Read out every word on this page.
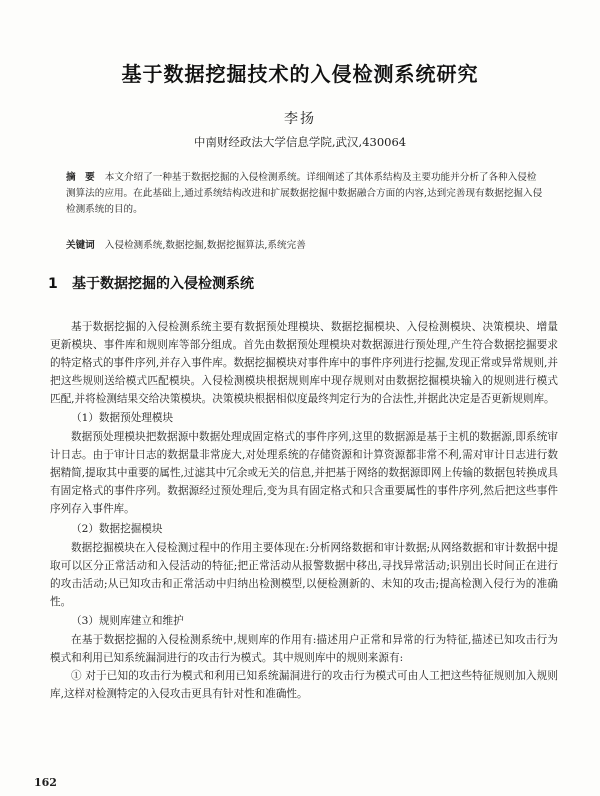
基于数据挖掘技术的入侵检测系统研究
李扬
中南财经政法大学信息学院,武汉,430064
摘　要 本文介绍了一种基于数据挖掘的入侵检测系统。详细阐述了其体系结构及主要功能并分析了各种入侵检测算法的应用。在此基础上,通过系统结构改进和扩展数据挖掘中数据融合方面的内容,达到完善现有数据挖掘入侵检测系统的目的。
关键词 入侵检测系统,数据挖掘,数据挖掘算法,系统完善
1 基于数据挖掘的入侵检测系统

基于数据挖掘的入侵检测系统主要有数据预处理模块、数据挖掘模块、入侵检测模块、决策模块、增量更新模块、事件库和规则库等部分组成。首先由数据预处理模块对数据源进行预处理,产生符合数据挖掘要求的特定格式的事件序列,并存入事件库。数据挖掘模块对事件库中的事件序列进行挖掘,发现正常或异常规则,并把这些规则送给模式匹配模块。入侵检测模块根据规则库中现存规则对由数据挖掘模块输入的规则进行模式匹配,并将检测结果交给决策模块。决策模块根据相似度最终判定行为的合法性,并据此决定是否更新规则库。

（1）数据预处理模块

数据预处理模块把数据源中数据处理成固定格式的事件序列,这里的数据源是基于主机的数据源,即系统审计日志。由于审计日志的数据量非常庞大,对处理系统的存储资源和计算资源都非常不利,需对审计日志进行数据精简,提取其中重要的属性,过滤其中冗余或无关的信息,并把基于网络的数据源即网上传输的数据包转换成具有固定格式的事件序列。数据源经过预处理后,变为具有固定格式和只含重要属性的事件序列,然后把这些事件序列存入事件库。

（2）数据挖掘模块

数据挖掘模块在入侵检测过程中的作用主要体现在:分析网络数据和审计数据;从网络数据和审计数据中提取可以区分正常活动和入侵活动的特征;把正常活动从报警数据中移出,寻找异常活动;识别出长时间正在进行的攻击活动;从已知攻击和正常活动中归纳出检测模型,以便检测新的、未知的攻击;提高检测入侵行为的准确性。

（3）规则库建立和维护

在基于数据挖掘的入侵检测系统中,规则库的作用有:描述用户正常和异常的行为特征,描述已知攻击行为模式和利用已知系统漏洞进行的攻击行为模式。其中规则库中的规则来源有:

① 对于已知的攻击行为模式和利用已知系统漏洞进行的攻击行为模式可由人工把这些特征规则加入规则库,这样对检测特定的入侵攻击更具有针对性和准确性。

162
